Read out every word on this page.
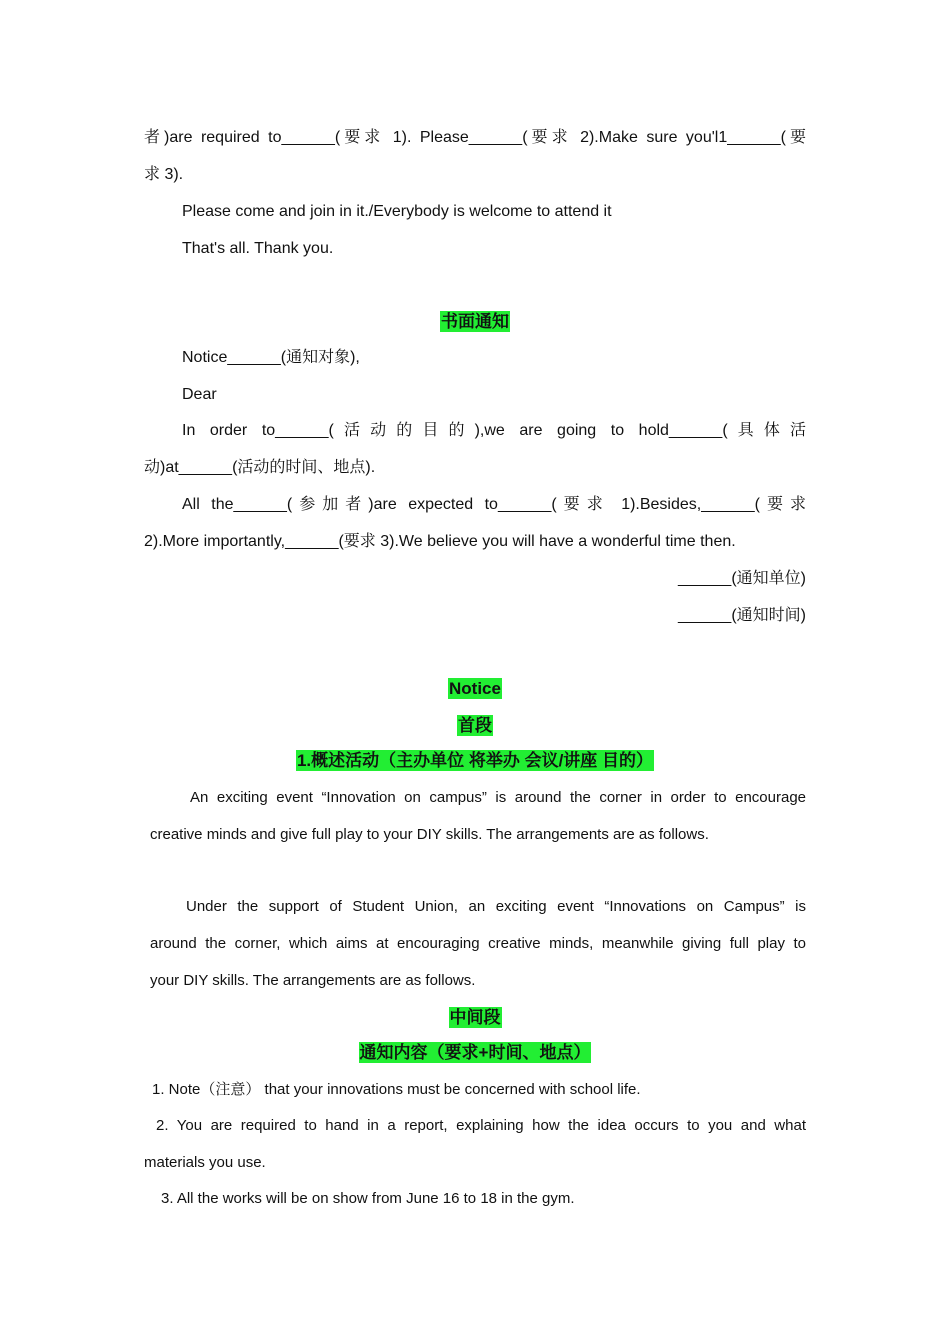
者)are required to______(要求 1). Please______(要求 2).Make sure you'l1______(要
求 3).
Please come and join in it./Everybody is welcome to attend it
That's all. Thank you.
书面通知
Notice______(通知对象),
Dear
In order to______(活动的目的),we are going to hold______(具体活
动)at______(活动的时间、地点).
All the______(参加者)are expected to______(要求 1).Besides,______(要求
2).More importantly,______(要求 3).We believe you will have a wonderful time then.
______(通知单位)
______(通知时间)
Notice
首段
1.概述活动（主办单位 将举办 会议/讲座 目的）
An exciting event “Innovation on campus” is around the corner in order to encourage
creative minds and give full play to your DIY skills. The arrangements are as follows.
Under the support of Student Union, an exciting event “Innovations on Campus” is
around the corner, which aims at encouraging creative minds, meanwhile giving full play to
your DIY skills. The arrangements are as follows.
中间段
通知内容（要求+时间、地点）
1. Note（注意） that your innovations must be concerned with school life.
2. You are required to hand in a report, explaining how the idea occurs to you and what
materials you use.
3. All the works will be on show from June 16 to 18 in the gym.
